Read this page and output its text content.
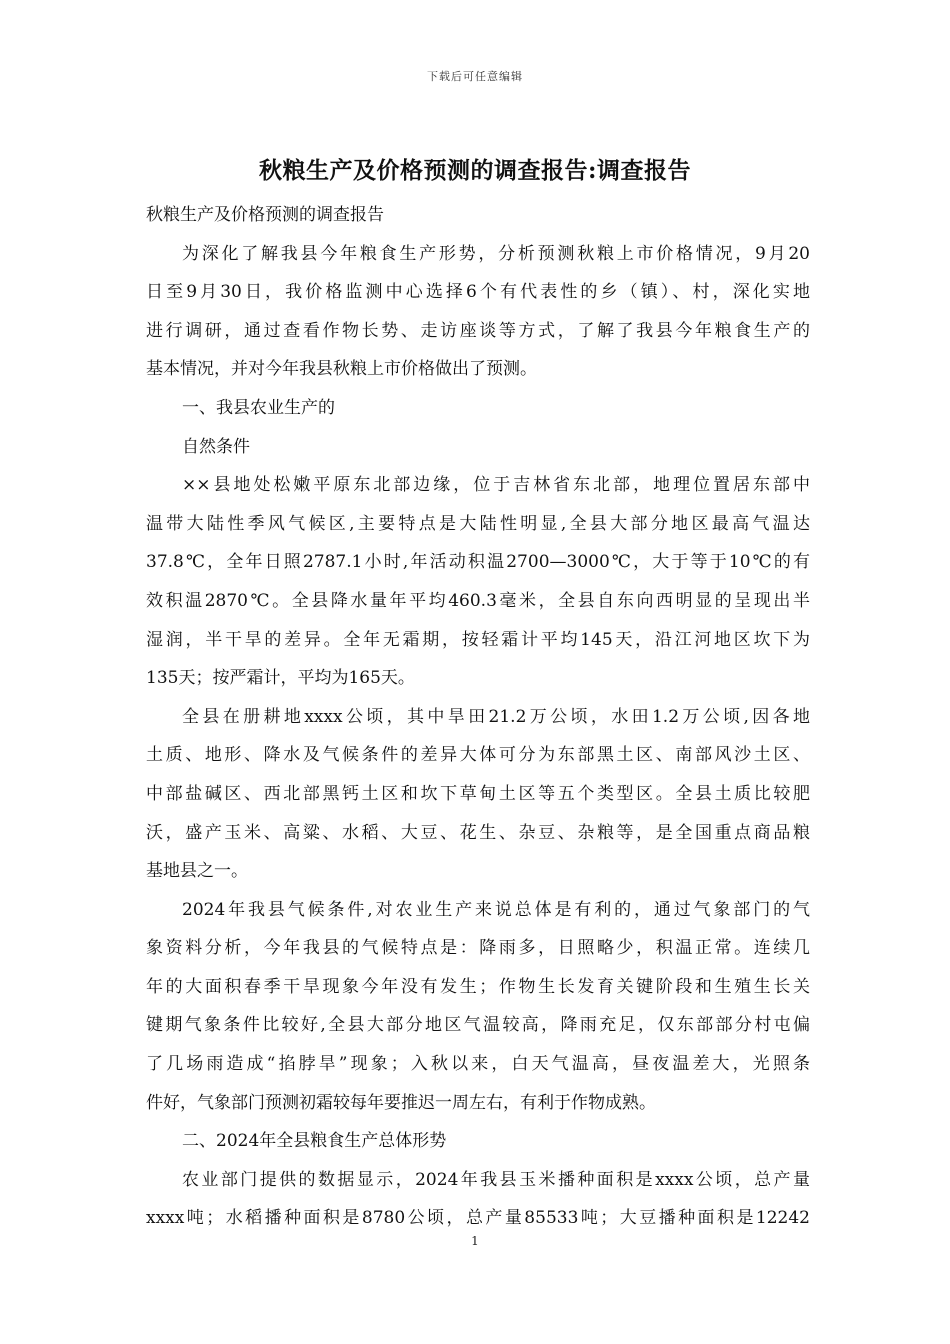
下载后可任意编辑
秋粮生产及价格预测的调查报告:调查报告
秋粮生产及价格预测的调查报告
为深化了解我县今年粮食生产形势，分析预测秋粮上市价格情况，9月20
日至9月30日，我价格监测中心选择6个有代表性的乡（镇）、村，深化实地
进行调研，通过查看作物长势、走访座谈等方式，了解了我县今年粮食生产的
基本情况，并对今年我县秋粮上市价格做出了预测。
一、我县农业生产的
自然条件
××县地处松嫩平原东北部边缘，位于吉林省东北部，地理位置居东部中
温带大陆性季风气候区,主要特点是大陆性明显,全县大部分地区最高气温达
37.8℃，全年日照2787.1小时,年活动积温2700—3000℃，大于等于10℃的有
效积温2870℃。全县降水量年平均460.3毫米，全县自东向西明显的呈现出半
湿润，半干旱的差异。全年无霜期，按轻霜计平均145天，沿江河地区坎下为
135天；按严霜计，平均为165天。
全县在册耕地xxxx公顷，其中旱田21.2万公顷，水田1.2万公顷,因各地
土质、地形、降水及气候条件的差异大体可分为东部黑土区、南部风沙土区、
中部盐碱区、西北部黑钙土区和坎下草甸土区等五个类型区。全县土质比较肥
沃，盛产玉米、高粱、水稻、大豆、花生、杂豆、杂粮等，是全国重点商品粮
基地县之一。
2024年我县气候条件,对农业生产来说总体是有利的，通过气象部门的气
象资料分析，今年我县的气候特点是：降雨多，日照略少，积温正常。连续几
年的大面积春季干旱现象今年没有发生；作物生长发育关键阶段和生殖生长关
键期气象条件比较好,全县大部分地区气温较高，降雨充足，仅东部部分村屯偏
了几场雨造成“掐脖旱”现象；入秋以来，白天气温高，昼夜温差大，光照条
件好，气象部门预测初霜较每年要推迟一周左右，有利于作物成熟。
二、2024年全县粮食生产总体形势
农业部门提供的数据显示，2024年我县玉米播种面积是xxxx公顷，总产量
xxxx吨；水稻播种面积是8780公顷，总产量85533吨；大豆播种面积是12242
1
